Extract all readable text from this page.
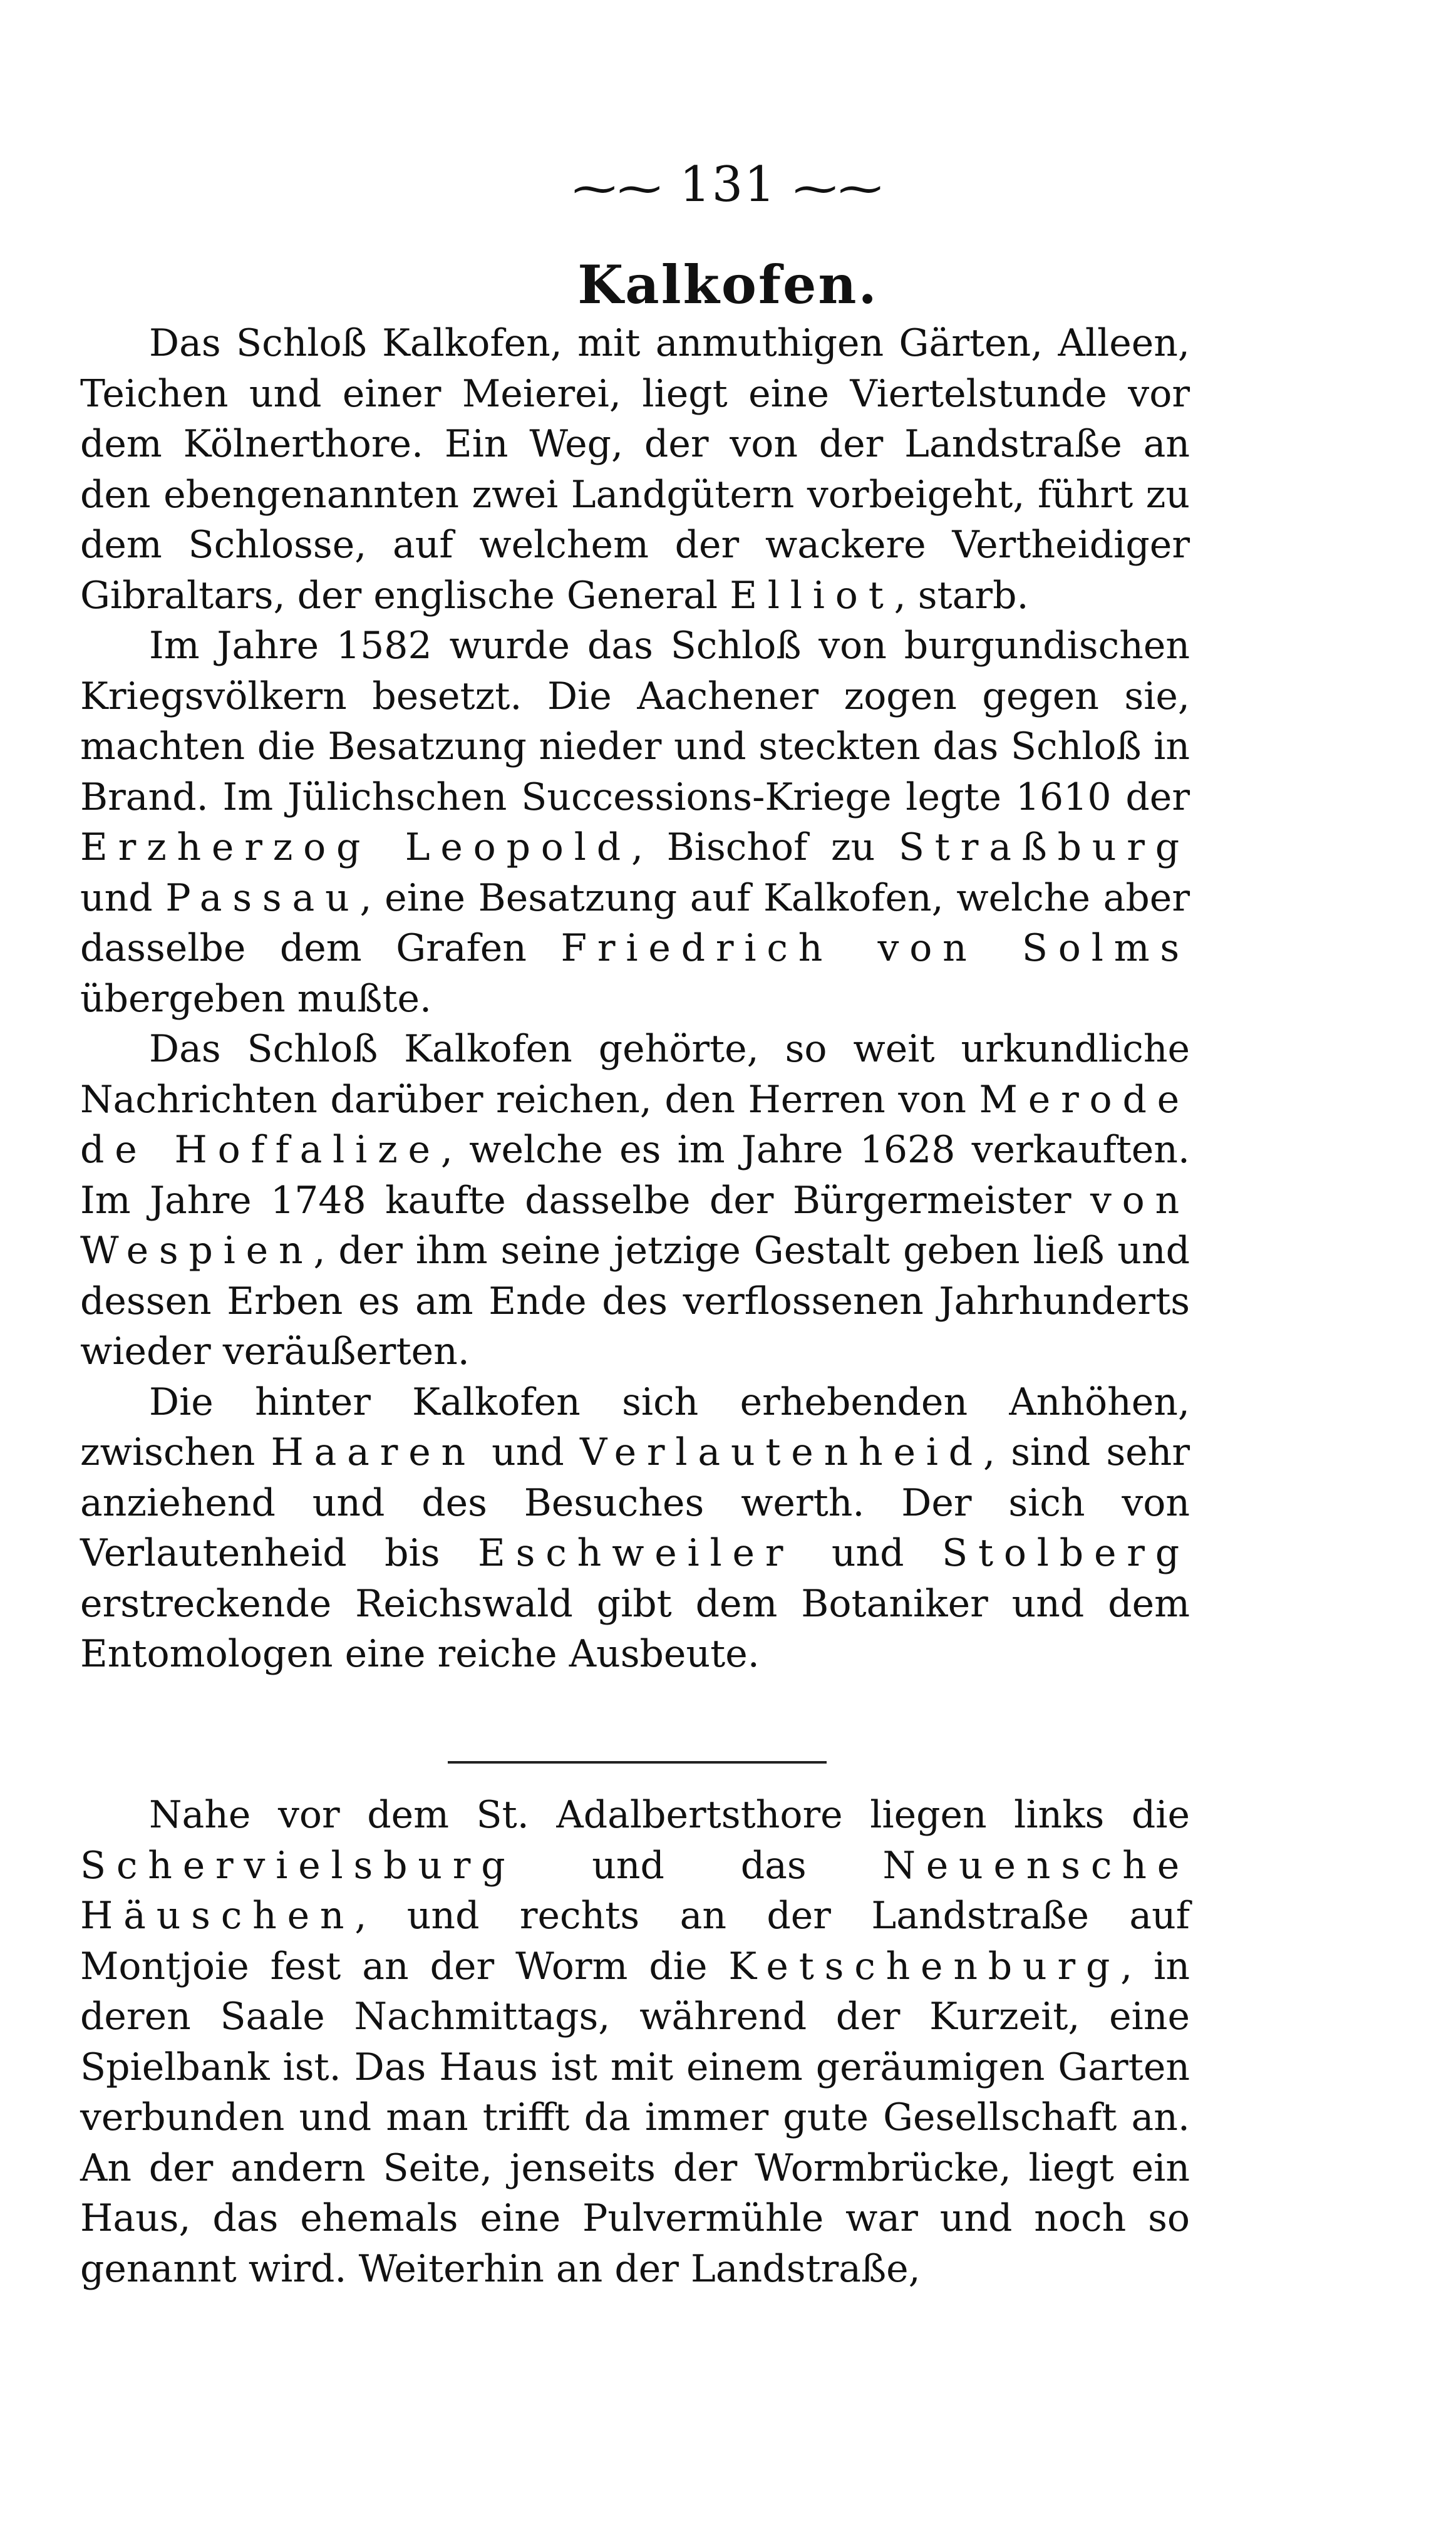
⁓⁓ 131 ⁓⁓
Kalkofen.

Das Schloß Kalkofen, mit anmuthigen Gärten, Alleen, Teichen und einer Meierei, liegt eine Viertelstunde vor dem Kölnerthore. Ein Weg, der von der Landstraße an den ebengenannten zwei Landgütern vorbeigeht, führt zu dem Schlosse, auf welchem der wackere Vertheidiger Gibraltars, der englische General Elliot, starb.

Im Jahre 1582 wurde das Schloß von burgundischen Kriegsvölkern besetzt. Die Aachener zogen gegen sie, machten die Besatzung nieder und steckten das Schloß in Brand. Im Jülichschen Successions-Kriege legte 1610 der Erzherzog Leopold, Bischof zu Straßburg und Passau, eine Besatzung auf Kalkofen, welche aber dasselbe dem Grafen Friedrich von Solms übergeben mußte.

Das Schloß Kalkofen gehörte, so weit urkundliche Nachrichten darüber reichen, den Herren von Merode de Hoffalize, welche es im Jahre 1628 verkauften. Im Jahre 1748 kaufte dasselbe der Bürgermeister von Wespien, der ihm seine jetzige Gestalt geben ließ und dessen Erben es am Ende des verflossenen Jahrhunderts wieder veräußerten.

Die hinter Kalkofen sich erhebenden Anhöhen, zwischen Haaren und Verlautenheid, sind sehr anziehend und des Besuches werth. Der sich von Verlautenheid bis Eschweiler und Stolberg erstreckende Reichswald gibt dem Botaniker und dem Entomologen eine reiche Ausbeute.

Nahe vor dem St. Adalbertsthore liegen links die Schervielsburg und das Neuensche Häuschen, und rechts an der Landstraße auf Montjoie fest an der Worm die Ketschenburg, in deren Saale Nachmittags, während der Kurzeit, eine Spielbank ist. Das Haus ist mit einem geräumigen Garten verbunden und man trifft da immer gute Gesellschaft an. An der andern Seite, jenseits der Wormbrücke, liegt ein Haus, das ehemals eine Pulvermühle war und noch so genannt wird. Weiterhin an der Landstraße,
